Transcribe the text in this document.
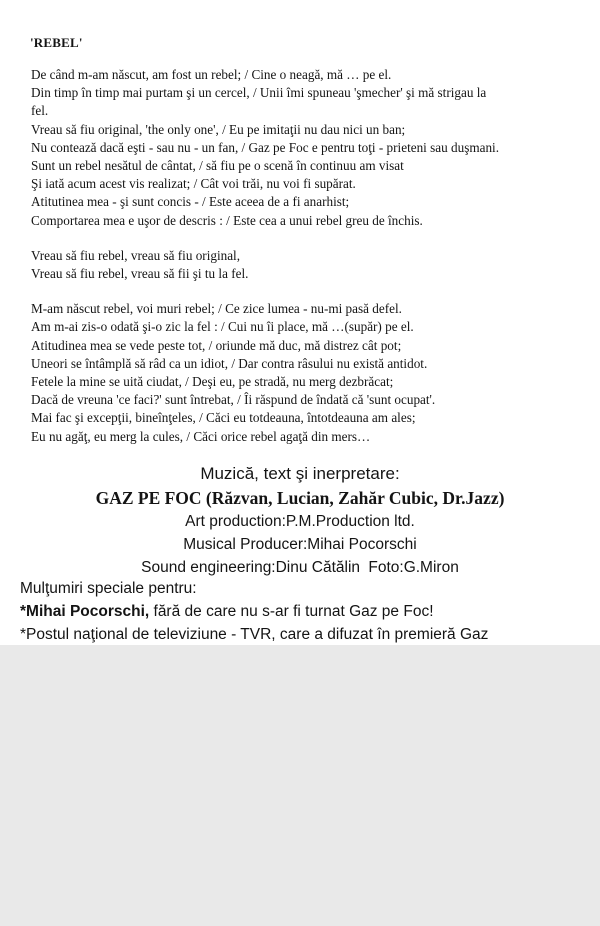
'REBEL'
De când m-am născut, am fost un rebel; / Cine o neagă, mă … pe el.
Din timp în timp mai purtam şi un cercel, / Unii îmi spuneau 'şmecher' şi mă strigau la
fel.
Vreau să fiu original, 'the only one', / Eu pe imitaţii nu dau nici un ban;
Nu contează dacă eşti - sau nu - un fan, / Gaz pe Foc e pentru toţi - prieteni sau duşmani.
Sunt un rebel nesătul de cântat, / să fiu pe o scenă în continuu am visat
Şi iată acum acest vis realizat; / Cât voi trăi, nu voi fi supărat.
Atitutinea mea - şi sunt concis - / Este aceea de a fi anarhist;
Comportarea mea e uşor de descris : / Este cea a unui rebel greu de închis.
Vreau să fiu rebel, vreau să fiu original,
Vreau să fiu rebel, vreau să fii şi tu la fel.
M-am născut rebel, voi muri rebel; / Ce zice lumea - nu-mi pasă defel.
Am m-ai zis-o odată şi-o zic la fel : / Cui nu îi place, mă …(supăr) pe el.
Atitudinea mea se vede peste tot, / oriunde mă duc, mă distrez cât pot;
Uneori se întâmplă să râd ca un idiot, / Dar contra râsului nu există antidot.
Fetele la mine se uită ciudat, / Deşi eu, pe stradă, nu merg dezbrăcat;
Dacă de vreuna 'ce faci?' sunt întrebat, / Îi răspund de îndată că 'sunt ocupat'.
Mai fac şi excepţii, bineînţeles, / Căci eu totdeauna, întotdeauna am ales;
Eu nu agăţ, eu merg la cules, / Căci orice rebel agaţă din mers…
Muzică, text şi inerpretare:
GAZ PE FOC (Răzvan, Lucian, Zahăr Cubic, Dr.Jazz)
Art production:P.M.Production ltd.
Musical Producer:Mihai Pocorschi
Sound engineering:Dinu Cătălin Foto:G.Miron
Mulţumiri speciale pentru:
*Mihai Pocorschi, fără de care nu s-ar fi turnat Gaz pe Foc!
*Postul naţional de televiziune - TVR, care a difuzat în premieră Gaz
